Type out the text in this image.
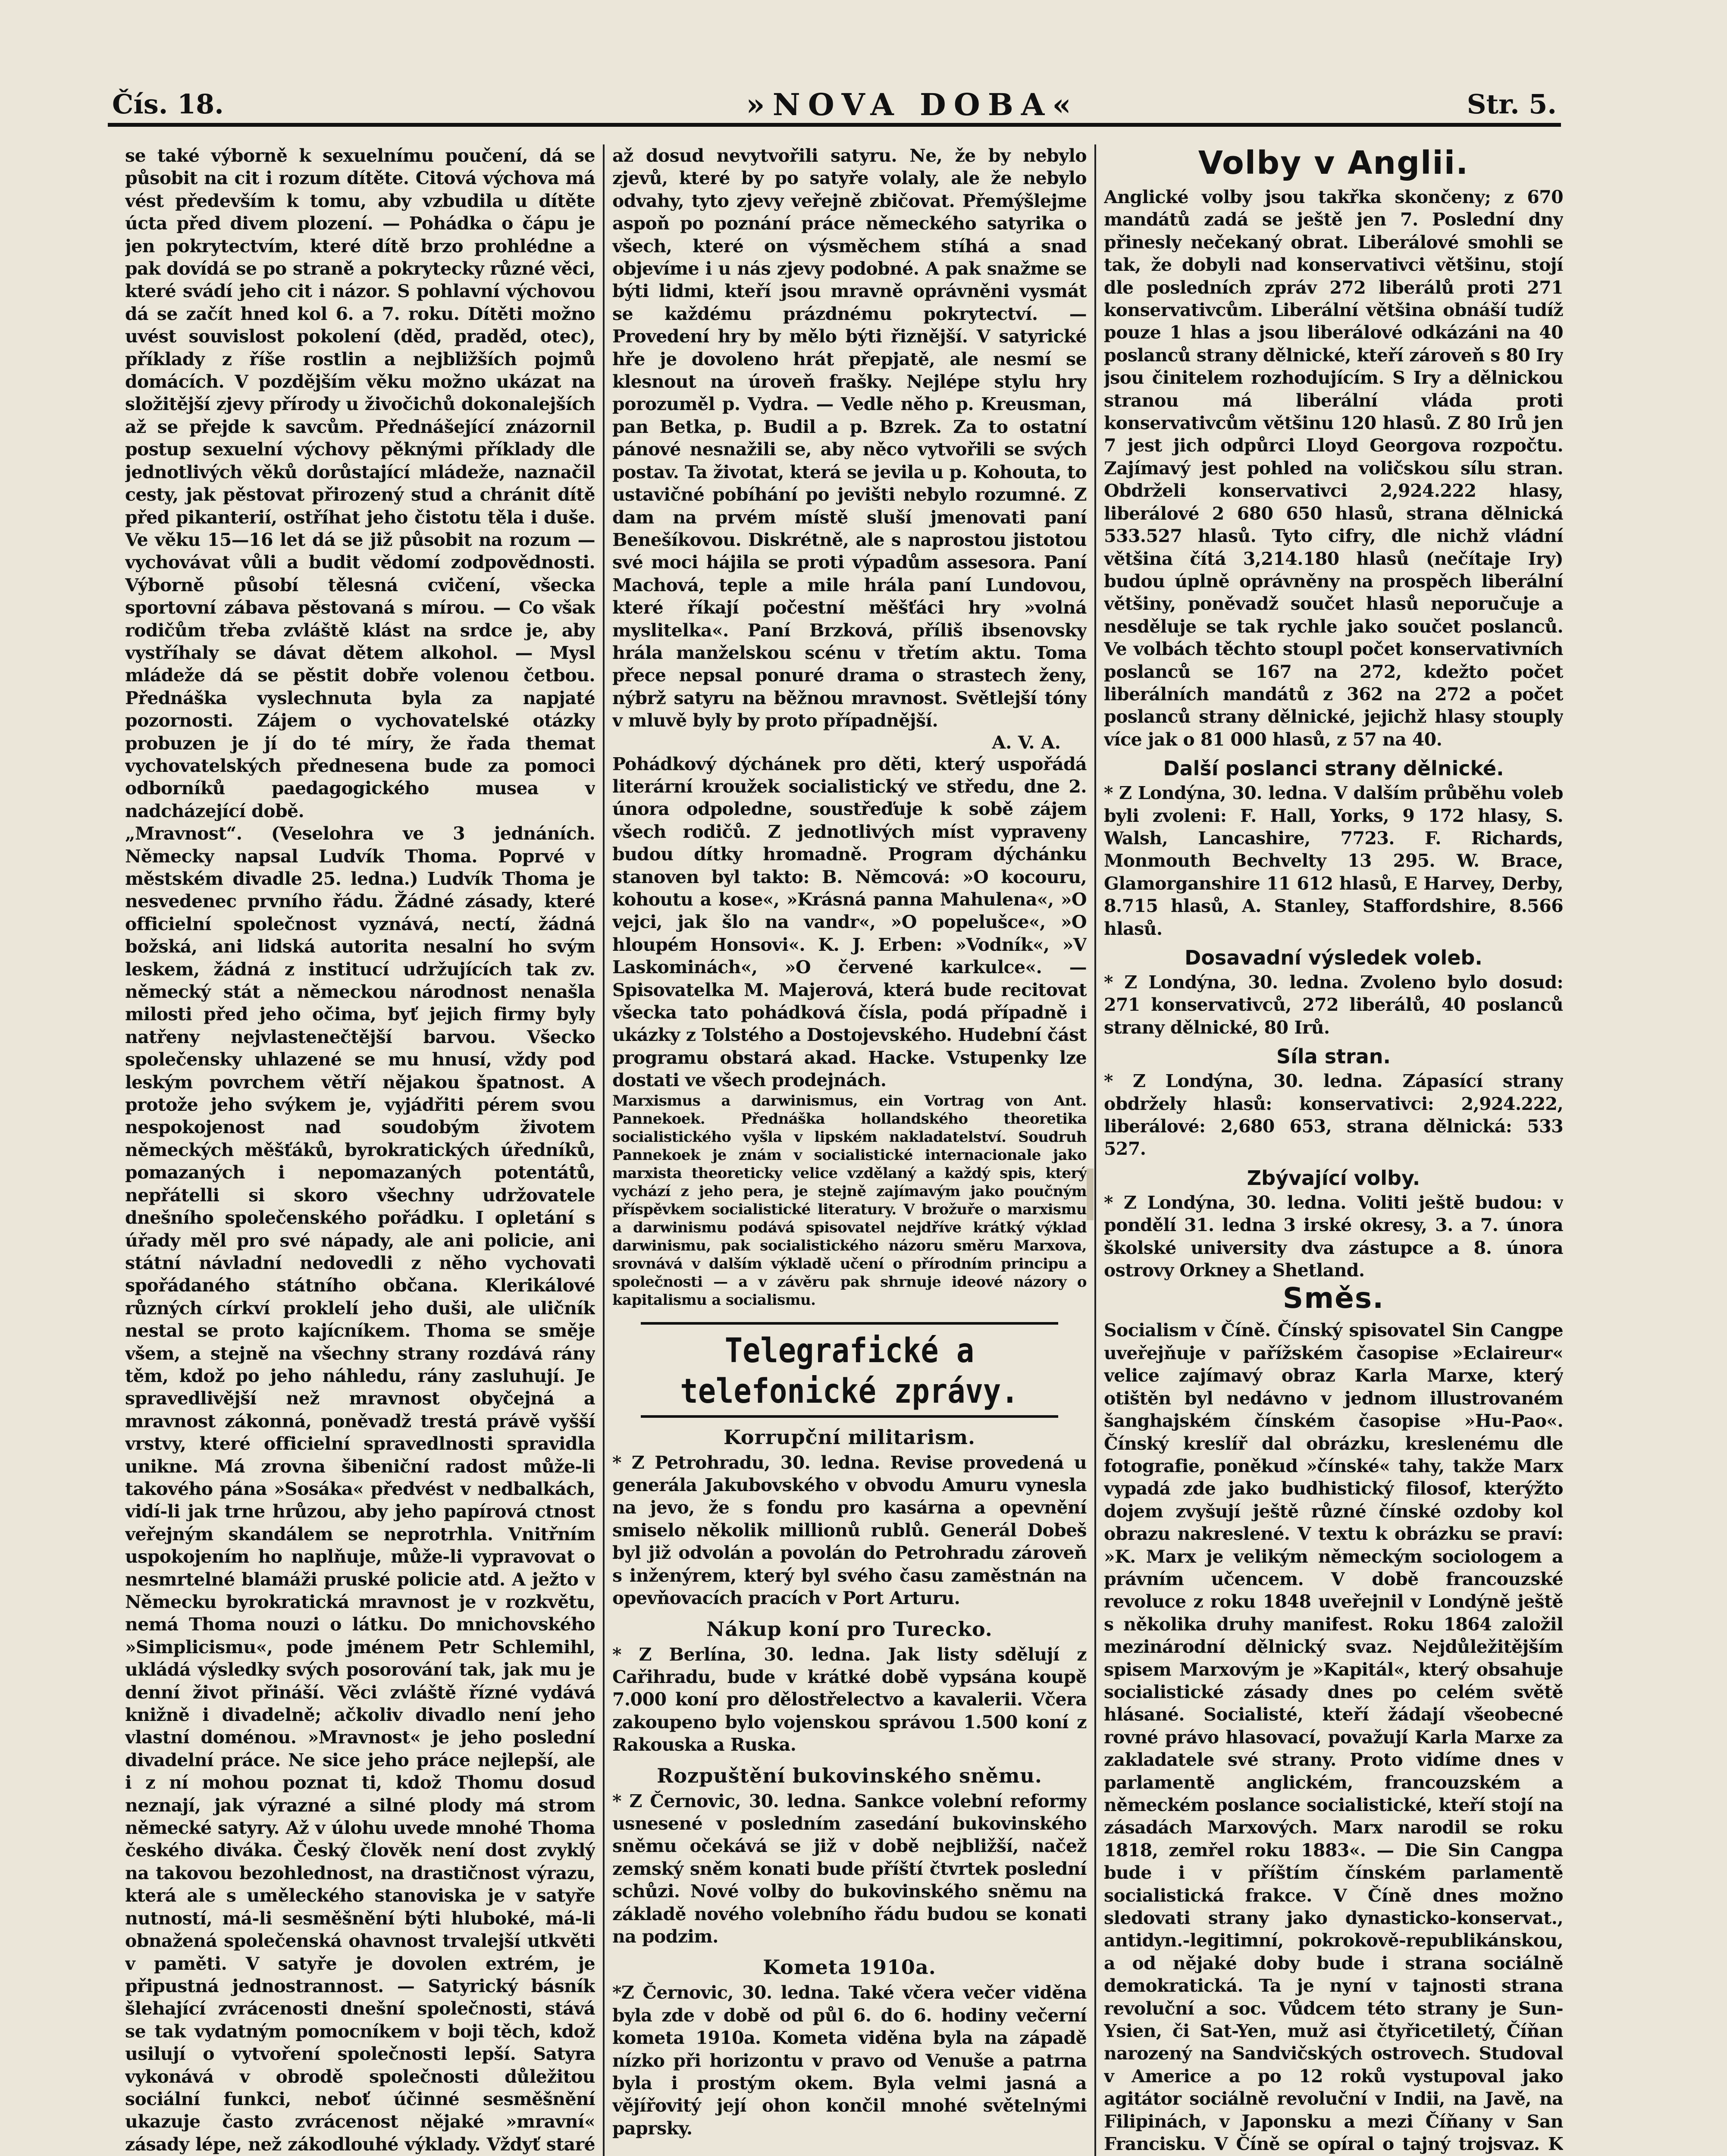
Čís. 18.	»NOVA DOBA«	Str. 5.

se také výborně k sexuelnímu poučení, dá se působit na cit i rozum dítěte. Citová výchova má vést především k tomu, aby vzbudila u dítěte úcta před divem plození. — Pohádka o čápu je jen pokrytectvím, které dítě brzo prohlédne a pak dovídá se po straně a pokrytecky různé věci, které svádí jeho cit i názor. S pohlavní výchovou dá se začít hned kol 6. a 7. roku. Dítěti možno uvést souvislost pokolení (děd, praděd, otec), příklady z říše rostlin a nejbližších pojmů domácích. V pozdějším věku možno ukázat na složitější zjevy přírody u živočichů dokonalejších až se přejde k savcům. Přednášející znázornil postup sexuelní výchovy pěknými příklady dle jednotlivých věků dorůstající mládeže, naznačil cesty, jak pěstovat přirozený stud a chránit dítě před pikanterií, ostříhat jeho čistotu těla i duše. Ve věku 15—16 let dá se již působit na rozum — vychovávat vůli a budit vědomí zodpovědnosti. Výborně působí tělesná cvičení, všecka sportovní zábava pěstovaná s mírou. — Co však rodičům třeba zvláště klást na srdce je, aby vystříhaly se dávat dětem alkohol. — Mysl mládeže dá se pěstit dobře volenou četbou. Přednáška vyslechnuta byla za napjaté pozornosti. Zájem o vychovatelské otázky probuzen je jí do té míry, že řada themat vychovatelských přednesena bude za pomoci odborníků paedagogického musea v nadcházející době.

„Mravnost“. (Veselohra ve 3 jednáních. Německy napsal Ludvík Thoma. Poprvé v městském divadle 25. ledna.) Ludvík Thoma je nesvedenec prvního řádu. Žádné zásady, které officielní společnost vyznává, nectí, žádná božská, ani lidská autorita nesalní ho svým leskem, žádná z institucí udržujících tak zv. německý stát a německou národnost nenašla milosti před jeho očima, byť jejich firmy byly natřeny nejvlastenečtější barvou. Všecko společensky uhlazené se mu hnusí, vždy pod leským povrchem větří nějakou špatnost. A protože jeho svýkem je, vyjádřiti pérem svou nespokojenost nad soudobým životem německých měšťáků, byrokratických úředníků, pomazaných i nepomazaných potentátů, nepřátelli si skoro všechny udržovatele dnešního společenského pořádku. I opletání s úřady měl pro své nápady, ale ani policie, ani státní návladní nedovedli z něho vychovati spořádaného státního občana. Klerikálové různých církví proklelí jeho duši, ale uličník nestal se proto kajícníkem. Thoma se směje všem, a stejně na všechny strany rozdává rány těm, kdož po jeho náhledu, rány zasluhují. Je spravedlivější než mravnost obyčejná a mravnost zákonná, poněvadž trestá právě vyšší vrstvy, které officielní spravedlnosti spravidla unikne. Má zrovna šibeniční radost může-li takového pána »Sosáka« předvést v nedbalkách, vidí-li jak trne hrůzou, aby jeho papírová ctnost veřejným skandálem se neprotrhla. Vnitřním uspokojením ho naplňuje, může-li vypravovat o nesmrtelné blamáži pruské policie atd. A ježto v Německu byrokratická mravnost je v rozkvětu, nemá Thoma nouzi o látku. Do mnichovského »Simplicismu«, pode jménem Petr Schlemihl, ukládá výsledky svých posorování tak, jak mu je denní život přináší. Věci zvláště řízné vydává knižně i divadelně; ačkoliv divadlo není jeho vlastní doménou. »Mravnost« je jeho poslední divadelní práce. Ne sice jeho práce nejlepší, ale i z ní mohou poznat ti, kdož Thomu dosud neznají, jak výrazné a silné plody má strom německé satyry. Až v úlohu uvede mnohé Thoma českého diváka. Český člověk není dost zvyklý na takovou bezohlednost, na drastičnost výrazu, která ale s uměleckého stanoviska je v satyře nutností, má-li sesměšnění býti hluboké, má-li obnažená společenská ohavnost trvalejší utkvěti v paměti. V satyře je dovolen extrém, je připustná jednostrannost. — Satyrický básník šlehající zvrácenosti dnešní společnosti, stává se tak vydatným pomocníkem v boji těch, kdož usilují o vytvoření společnosti lepší. Satyra vykonává v obrodě společnosti důležitou sociální funkci, neboť účinné sesměšnění ukazuje často zvrácenost nějaké »mravní« zásady lépe, než zákodlouhé výklady. Vždyť staré

až dosud nevytvořili satyru. Ne, že by nebylo zjevů, které by po satyře volaly, ale že nebylo odvahy, tyto zjevy veřejně zbičovat. Přemýšlejme aspoň po poznání práce německého satyrika o všech, které on výsměchem stíhá a snad objevíme i u nás zjevy podobné. A pak snažme se býti lidmi, kteří jsou mravně oprávněni vysmát se každému prázdnému pokrytectví. — Provedení hry by mělo býti řiznější. V satyrické hře je dovoleno hrát přepjatě, ale nesmí se klesnout na úroveň frašky. Nejlépe stylu hry porozuměl p. Vydra. — Vedle něho p. Kreusman, pan Betka, p. Budil a p. Bzrek. Za to ostatní pánové nesnažili se, aby něco vytvořili se svých postav. Ta životat, která se jevila u p. Kohouta, to ustavičné pobíhání po jevišti nebylo rozumné. Z dam na prvém místě sluší jmenovati paní Benešíkovou. Diskrétně, ale s naprostou jistotou své moci hájila se proti výpadům assesora. Paní Machová, teple a mile hrála paní Lundovou, které říkají počestní měšťáci hry »volná myslitelka«. Paní Brzková, příliš ibsenovsky hrála manželskou scénu v třetím aktu. Toma přece nepsal ponuré drama o strastech ženy, nýbrž satyru na běžnou mravnost. Světlejší tóny v mluvě byly by proto případnější.

A. V. A.

Pohádkový dýchánek pro děti, který uspořádá literární kroužek socialistický ve středu, dne 2. února odpoledne, soustřeďuje k sobě zájem všech rodičů. Z jednotlivých míst vypraveny budou dítky hromadně. Program dýchánku stanoven byl takto: B. Němcová: »O kocouru, kohoutu a kose«, »Krásná panna Mahulena«, »O vejci, jak šlo na vandr«, »O popelušce«, »O hloupém Honsovi«. K. J. Erben: »Vodník«, »V Laskominách«, »O červené karkulce«. — Spisovatelka M. Majerová, která bude recitovat všecka tato pohádková čísla, podá případně i ukázky z Tolstého a Dostojevského. Hudební část programu obstará akad. Hacke. Vstupenky lze dostati ve všech prodejnách.

Marxismus a darwinismus, ein Vortrag von Ant. Pannekoek. Přednáška hollandského theoretika socialistického vyšla v lipském nakladatelství. Soudruh Pannekoek je znám v socialistické internacionale jako marxista theoreticky velice vzdělaný a každý spis, který vychází z jeho pera, je stejně zajímavým jako poučným příspěvkem socialistické literatury. V brožuře o marxismu a darwinismu podává spisovatel nejdříve krátký výklad darwinismu, pak socialistického názoru směru Marxova, srovnává v dalším výkladě učení o přírodním principu a společnosti — a v závěru pak shrnuje ideové názory o kapitalismu a socialismu.

Telegrafické a telefonické zprávy.
Korrupční militarism.

* Z Petrohradu, 30. ledna. Revise provedená u generála Jakubovského v obvodu Amuru vynesla na jevo, že s fondu pro kasárna a opevnění smiselo několik millionů rublů. Generál Dobeš byl již odvolán a povolán do Petrohradu zároveň s inženýrem, který byl svého času zaměstnán na opevňovacích pracích v Port Arturu.

Nákup koní pro Turecko.

* Z Berlína, 30. ledna. Jak listy sdělují z Cařihradu, bude v krátké době vypsána koupě 7.000 koní pro dělostřelectvo a kavalerii. Včera zakoupeno bylo vojenskou správou 1.500 koní z Rakouska a Ruska.

Rozpuštění bukovinského sněmu.

* Z Černovic, 30. ledna. Sankce volební reformy usnesené v posledním zasedání bukovinského sněmu očekává se již v době nejbližší, načež zemský sněm konati bude příští čtvrtek poslední schůzi. Nové volby do bukovinského sněmu na základě nového volebního řádu budou se konati na podzim.

Kometa 1910a.

*Z Černovic, 30. ledna. Také včera večer viděna byla zde v době od půl 6. do 6. hodiny večerní kometa 1910a. Kometa viděna byla na západě nízko při horizontu v pravo od Venuše a patrna byla i prostým okem. Byla velmi jasná a vějířovitý její ohon končil mnohé světelnými paprsky.

Volby v Anglii.

Anglické volby jsou takřka skončeny; z 670 mandátů zadá se ještě jen 7. Poslední dny přinesly nečekaný obrat. Liberálové smohli se tak, že dobyli nad konservativci většinu, stojí dle posledních zpráv 272 liberálů proti 271 konservativcům. Liberální většina obnáší tudíž pouze 1 hlas a jsou liberálové odkázáni na 40 poslanců strany dělnické, kteří zároveň s 80 Iry jsou činitelem rozhodujícím. S Iry a dělnickou stranou má liberální vláda proti konservativcům většinu 120 hlasů. Z 80 Irů jen 7 jest jich odpůrci Lloyd Georgova rozpočtu. Zajímavý jest pohled na voličskou sílu stran. Obdrželi konservativci 2,924.222 hlasy, liberálové 2 680 650 hlasů, strana dělnická 533.527 hlasů. Tyto cifry, dle nichž vládní většina čítá 3,214.180 hlasů (nečítaje Iry) budou úplně oprávněny na prospěch liberální většiny, poněvadž součet hlasů neporučuje a nesděluje se tak rychle jako součet poslanců. Ve volbách těchto stoupl počet konservativních poslanců se 167 na 272, kdežto počet liberálních mandátů z 362 na 272 a počet poslanců strany dělnické, jejichž hlasy stouply více jak o 81 000 hlasů, z 57 na 40.

Další poslanci strany dělnické.

* Z Londýna, 30. ledna. V dalším průběhu voleb byli zvoleni: F. Hall, Yorks, 9 172 hlasy, S. Walsh, Lancashire, 7723. F. Richards, Monmouth Bechvelty 13 295. W. Brace, Glamorganshire 11 612 hlasů, E Harvey, Derby, 8.715 hlasů, A. Stanley, Staffordshire, 8.566 hlasů.

Dosavadní výsledek voleb.

* Z Londýna, 30. ledna. Zvoleno bylo dosud: 271 konservativců, 272 liberálů, 40 poslanců strany dělnické, 80 Irů.

Síla stran.

* Z Londýna, 30. ledna. Zápasící strany obdržely hlasů: konservativci: 2,924.222, liberálové: 2,680 653, strana dělnická: 533 527.

Zbývající volby.

* Z Londýna, 30. ledna. Voliti ještě budou: v pondělí 31. ledna 3 irské okresy, 3. a 7. února školské university dva zástupce a 8. února ostrovy Orkney a Shetland.

Směs.

Socialism v Číně. Čínský spisovatel Sin Cangpe uveřejňuje v pařížském časopise »Eclaireur« velice zajímavý obraz Karla Marxe, který otištěn byl nedávno v jednom illustrovaném šanghajském čínském časopise »Hu-Pao«. Čínský kreslíř dal obrázku, kreslenému dle fotografie, poněkud »čínské« tahy, takže Marx vypadá zde jako budhistický filosof, kterýžto dojem zvyšují ještě různé čínské ozdoby kol obrazu nakreslené. V textu k obrázku se praví: »K. Marx je velikým německým sociologem a právním učencem. V době francouzské revoluce z roku 1848 uveřejnil v Londýně ještě s několika druhy manifest. Roku 1864 založil mezinárodní dělnický svaz. Nejdůležitějším spisem Marxovým je »Kapitál«, který obsahuje socialistické zásady dnes po celém světě hlásané. Socialisté, kteří žádají všeobecné rovné právo hlasovací, považují Karla Marxe za zakladatele své strany. Proto vidíme dnes v parlamentě anglickém, francouzském a německém poslance socialistické, kteří stojí na zásadách Marxových. Marx narodil se roku 1818, zemřel roku 1883«. — Die Sin Cangpa bude i v příštím čínském parlamentě socialistická frakce. V Číně dnes možno sledovati strany jako dynasticko-konservat., antidyn.-legitimní, pokrokově-republikánskou, a od nějaké doby bude i strana sociálně demokratická. Ta je nyní v tajnosti strana revoluční a soc. Vůdcem této strany je Sun-Ysien, či Sat-Yen, muž asi čtyřicetiletý, Číňan narozený na Sandvičských ostrovech. Studoval v Americe a po 12 roků vystupoval jako agitátor sociálně revoluční v Indii, na Javě, na Filipinách, v Japonsku a mezi Číňany v San Francisku. V Číně se opíral o tajný trojsvaz. K
